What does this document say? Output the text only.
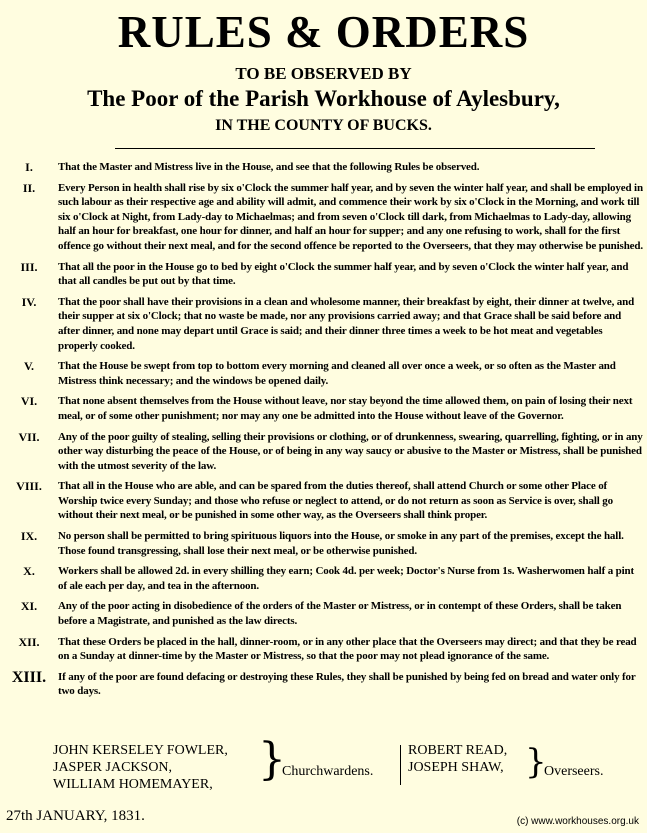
RULES & ORDERS
TO BE OBSERVED BY
The Poor of the Parish Workhouse of Aylesbury,
IN THE COUNTY OF BUCKS.
I.	That the Master and Mistress live in the House, and see that the following Rules be observed.
II.	Every Person in health shall rise by six o'Clock the summer half year, and by seven the winter half year, and shall be employed in such labour as their respective age and ability will admit, and commence their work by six o'Clock in the Morning, and work till six o'Clock at Night, from Lady-day to Michaelmas; and from seven o'Clock till dark, from Michaelmas to Lady-day, allowing half an hour for breakfast, one hour for dinner, and half an hour for supper; and any one refusing to work, shall for the first offence go without their next meal, and for the second offence be reported to the Overseers, that they may otherwise be punished.
III.	That all the poor in the House go to bed by eight o'Clock the summer half year, and by seven o'Clock the winter half year, and that all candles be put out by that time.
IV.	That the poor shall have their provisions in a clean and wholesome manner, their breakfast by eight, their dinner at twelve, and their supper at six o'Clock; that no waste be made, nor any provisions carried away; and that Grace shall be said before and after dinner, and none may depart until Grace is said; and their dinner three times a week to be hot meat and vegetables properly cooked.
V.	That the House be swept from top to bottom every morning and cleaned all over once a week, or so often as the Master and Mistress think necessary; and the windows be opened daily.
VI.	That none absent themselves from the House without leave, nor stay beyond the time allowed them, on pain of losing their next meal, or of some other punishment; nor may any one be admitted into the House without leave of the Governor.
VII.	Any of the poor guilty of stealing, selling their provisions or clothing, or of drunkenness, swearing, quarrelling, fighting, or in any other way disturbing the peace of the House, or of being in any way saucy or abusive to the Master or Mistress, shall be punished with the utmost severity of the law.
VIII.	That all in the House who are able, and can be spared from the duties thereof, shall attend Church or some other Place of Worship twice every Sunday; and those who refuse or neglect to attend, or do not return as soon as Service is over, shall go without their next meal, or be punished in some other way, as the Overseers shall think proper.
IX.	No person shall be permitted to bring spirituous liquors into the House, or smoke in any part of the premises, except the hall. Those found transgressing, shall lose their next meal, or be otherwise punished.
X.	Workers shall be allowed 2d. in every shilling they earn; Cook 4d. per week; Doctor's Nurse from 1s. Washerwomen half a pint of ale each per day, and tea in the afternoon.
XI.	Any of the poor acting in disobedience of the orders of the Master or Mistress, or in contempt of these Orders, shall be taken before a Magistrate, and punished as the law directs.
XII.	That these Orders be placed in the hall, dinner-room, or in any other place that the Overseers may direct; and that they be read on a Sunday at dinner-time by the Master or Mistress, so that the poor may not plead ignorance of the same.
XIII.	If any of the poor are found defacing or destroying these Rules, they shall be punished by being fed on bread and water only for two days.
JOHN KERSELEY FOWLER,
JASPER JACKSON,
WILLIAM HOMEMAYER,	}
Churchwardens.
ROBERT READ,
JOSEPH SHAW, }
Overseers.
27th JANUARY, 1831.	(c) www.workhouses.org.uk
